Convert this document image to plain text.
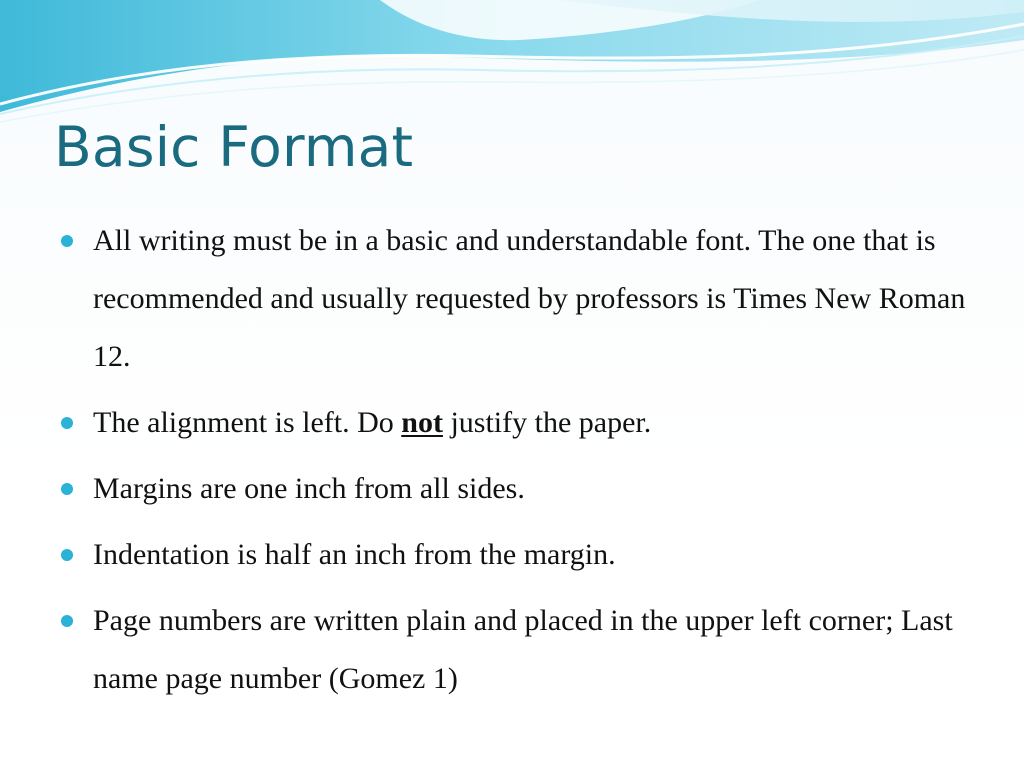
Basic Format
All writing must be in a basic and understandable font. The one that is recommended and usually requested by professors is Times New Roman 12.
The alignment is left. Do not justify the paper.
Margins are one inch from all sides.
Indentation is half an inch from the margin.
Page numbers are written plain and placed in the upper left corner; Last name page number (Gomez 1)
